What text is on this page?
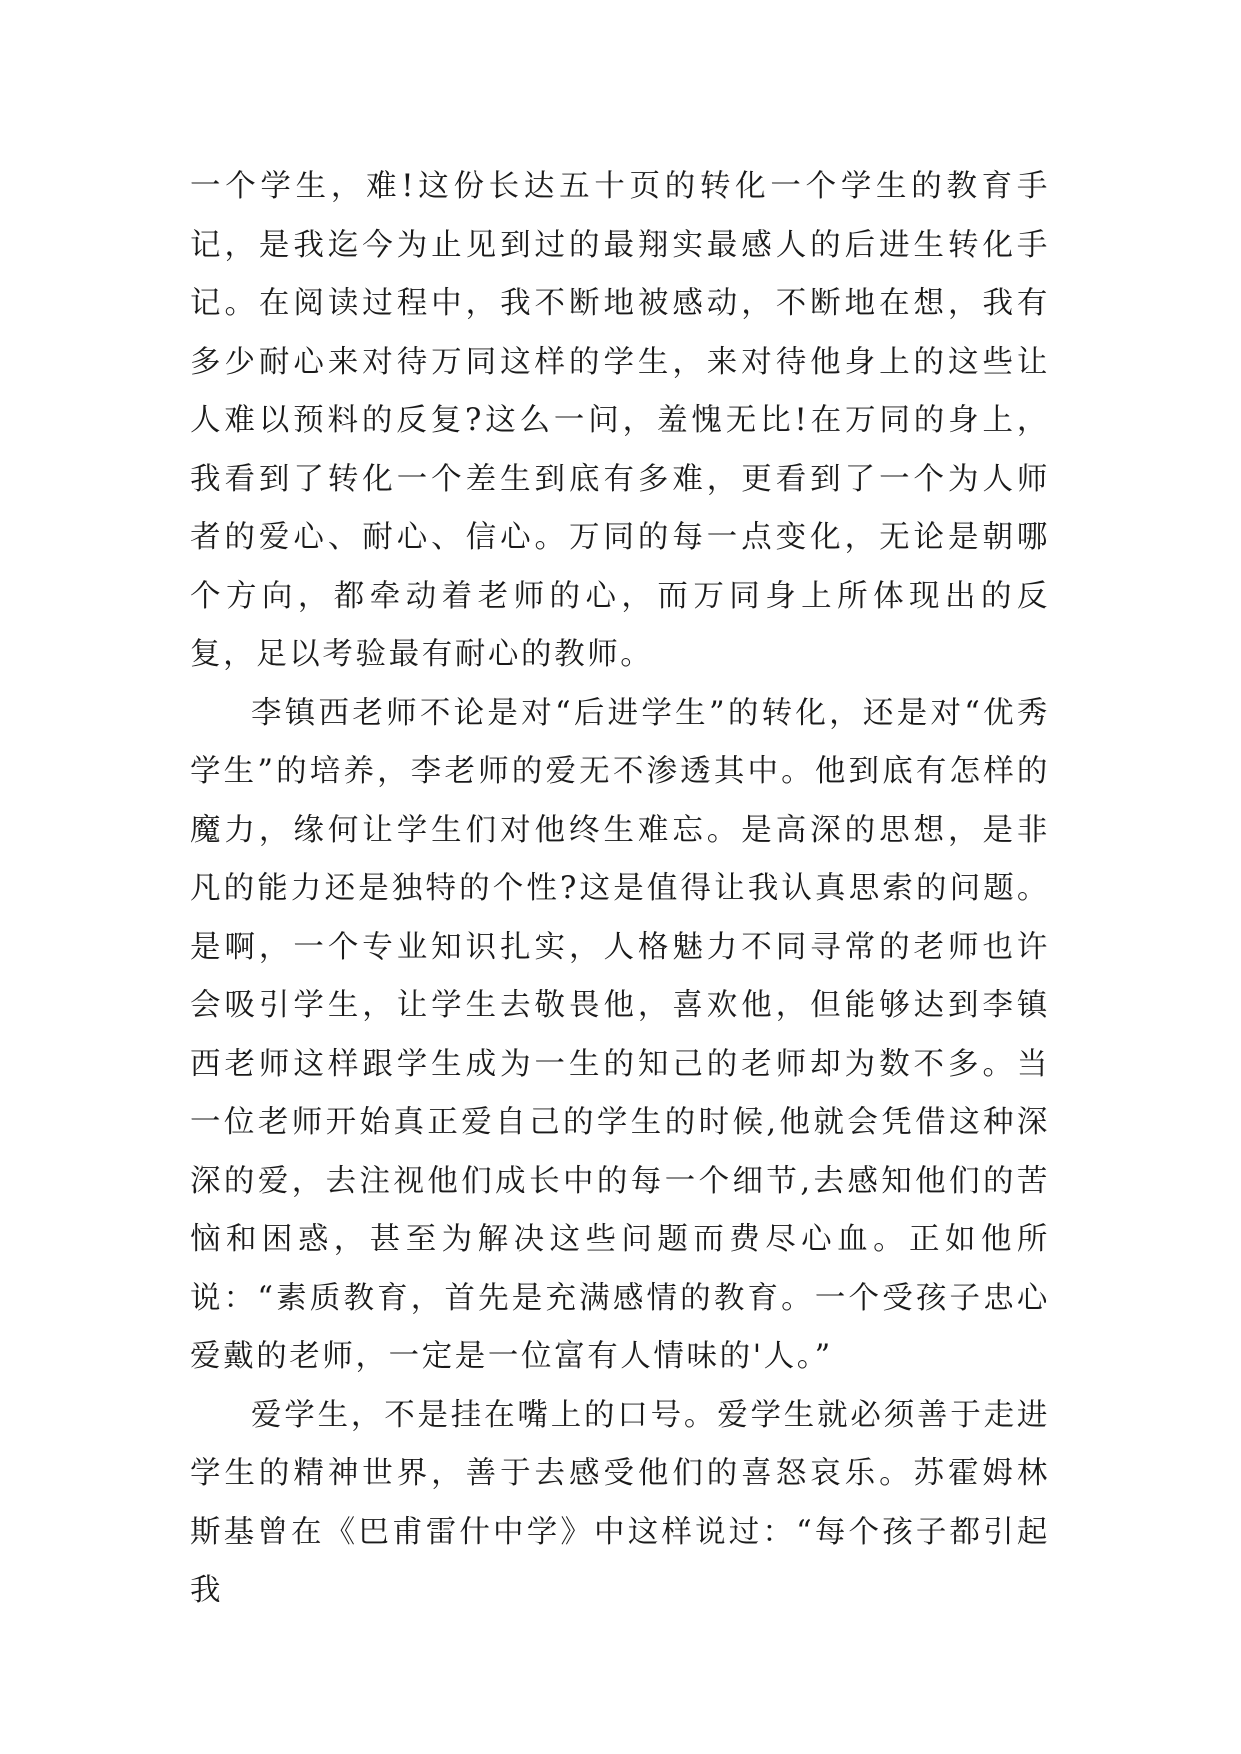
一个学生，难!这份长达五十页的转化一个学生的教育手记，是我迄今为止见到过的最翔实最感人的后进生转化手记。在阅读过程中，我不断地被感动，不断地在想，我有多少耐心来对待万同这样的学生，来对待他身上的这些让人难以预料的反复?这么一问，羞愧无比!在万同的身上，我看到了转化一个差生到底有多难，更看到了一个为人师者的爱心、耐心、信心。万同的每一点变化，无论是朝哪个方向，都牵动着老师的心，而万同身上所体现出的反复，足以考验最有耐心的教师。

李镇西老师不论是对“后进学生”的转化，还是对“优秀学生”的培养，李老师的爱无不渗透其中。他到底有怎样的魔力，缘何让学生们对他终生难忘。是高深的思想，是非凡的能力还是独特的个性?这是值得让我认真思索的问题。是啊，一个专业知识扎实，人格魅力不同寻常的老师也许会吸引学生，让学生去敬畏他，喜欢他，但能够达到李镇西老师这样跟学生成为一生的知己的老师却为数不多。当一位老师开始真正爱自己的学生的时候,他就会凭借这种深深的爱，去注视他们成长中的每一个细节,去感知他们的苦恼和困惑，甚至为解决这些问题而费尽心血。正如他所说：“素质教育，首先是充满感情的教育。一个受孩子忠心爱戴的老师，一定是一位富有人情味的'人。”

爱学生，不是挂在嘴上的口号。爱学生就必须善于走进学生的精神世界，善于去感受他们的喜怒哀乐。苏霍姆林斯基曾在《巴甫雷什中学》中这样说过：“每个孩子都引起我
